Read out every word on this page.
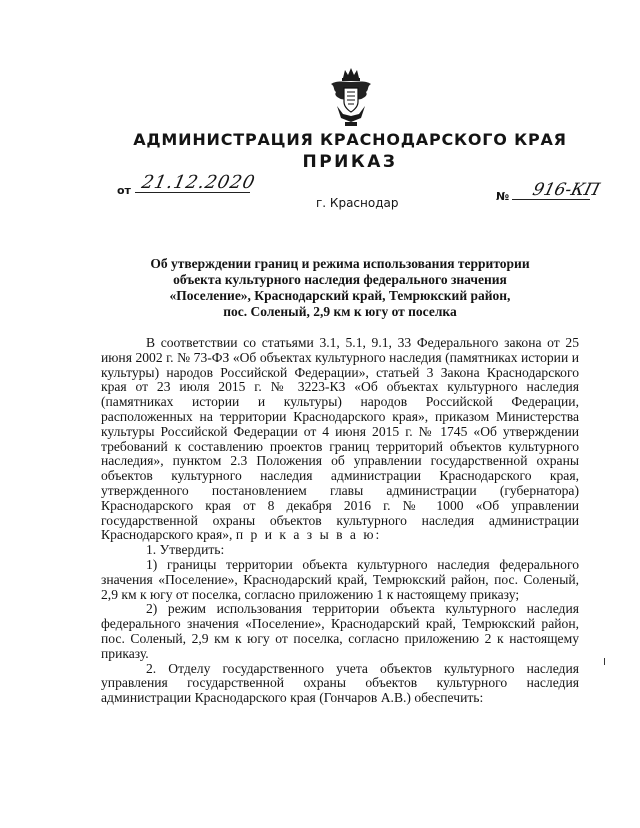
АДМИНИСТРАЦИЯ КРАСНОДАРСКОГО КРАЯ
ПРИКАЗ
от 21.12.2020
г. Краснодар	№ 916-КП
Об утверждении границ и режима использования территории
объекта культурного наследия федерального значения
«Поселение», Краснодарский край, Темрюкский район,
пос. Соленый, 2,9 км к югу от поселка

В соответствии со статьями 3.1, 5.1, 9.1, 33 Федерального закона от 25 июня 2002 г. № 73-ФЗ «Об объектах культурного наследия (памятниках истории и культуры) народов Российской Федерации», статьей 3 Закона Краснодарского края от 23 июля 2015 г. № 3223-КЗ «Об объектах культурного наследия (памятниках истории и культуры) народов Российской Федерации, расположенных на территории Краснодарского края», приказом Министерства культуры Российской Федерации от 4 июня 2015 г. № 1745 «Об утверждении требований к составлению проектов границ территорий объектов культурного наследия», пунктом 2.3 Положения об управлении государственной охраны объектов культурного наследия администрации Краснодарского края, утвержденного постановлением главы администрации (губернатора) Краснодарского края от 8 декабря 2016 г. № 1000 «Об управлении государственной охраны объектов культурного наследия администрации Краснодарского края», п р и к а з ы в а ю:

1. Утвердить:

1) границы территории объекта культурного наследия федерального значения «Поселение», Краснодарский край, Темрюкский район, пос. Соленый, 2,9 км к югу от поселка, согласно приложению 1 к настоящему приказу;

2) режим использования территории объекта культурного наследия федерального значения «Поселение», Краснодарский край, Темрюкский район, пос. Соленый, 2,9 км к югу от поселка, согласно приложению 2 к настоящему приказу.

2. Отделу государственного учета объектов культурного наследия управления государственной охраны объектов культурного наследия администрации Краснодарского края (Гончаров А.В.) обеспечить:
